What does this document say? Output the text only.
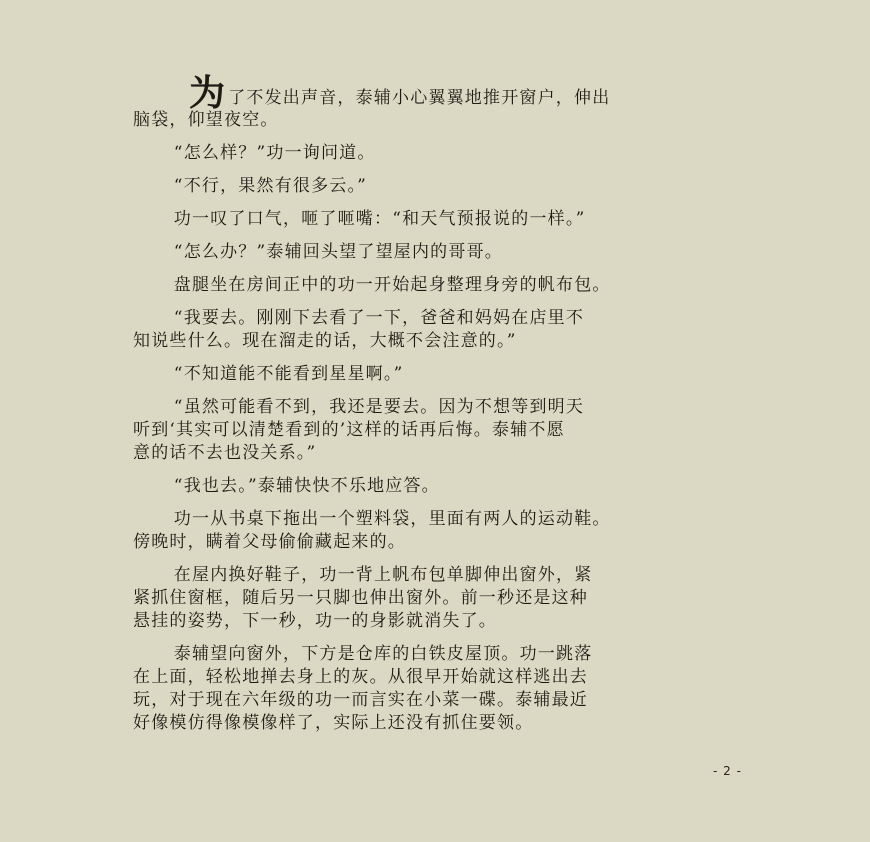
为了不发出声音，泰辅小心翼翼地推开窗户，伸出
脑袋，仰望夜空。

“怎么样？”功一询问道。

“不行，果然有很多云。”

功一叹了口气，咂了咂嘴：“和天气预报说的一样。”

“怎么办？”泰辅回头望了望屋内的哥哥。

盘腿坐在房间正中的功一开始起身整理身旁的帆布包。

“我要去。刚刚下去看了一下，爸爸和妈妈在店里不
知说些什么。现在溜走的话，大概不会注意的。”

“不知道能不能看到星星啊。”

“虽然可能看不到，我还是要去。因为不想等到明天
听到‘其实可以清楚看到的’这样的话再后悔。泰辅不愿
意的话不去也没关系。”

“我也去。”泰辅快快不乐地应答。

功一从书桌下拖出一个塑料袋，里面有两人的运动鞋。
傍晚时，瞒着父母偷偷藏起来的。

在屋内换好鞋子，功一背上帆布包单脚伸出窗外，紧
紧抓住窗框，随后另一只脚也伸出窗外。前一秒还是这种
悬挂的姿势，下一秒，功一的身影就消失了。

泰辅望向窗外，下方是仓库的白铁皮屋顶。功一跳落
在上面，轻松地掸去身上的灰。从很早开始就这样逃出去
玩，对于现在六年级的功一而言实在小菜一碟。泰辅最近
好像模仿得像模像样了，实际上还没有抓住要领。

- 2 -
